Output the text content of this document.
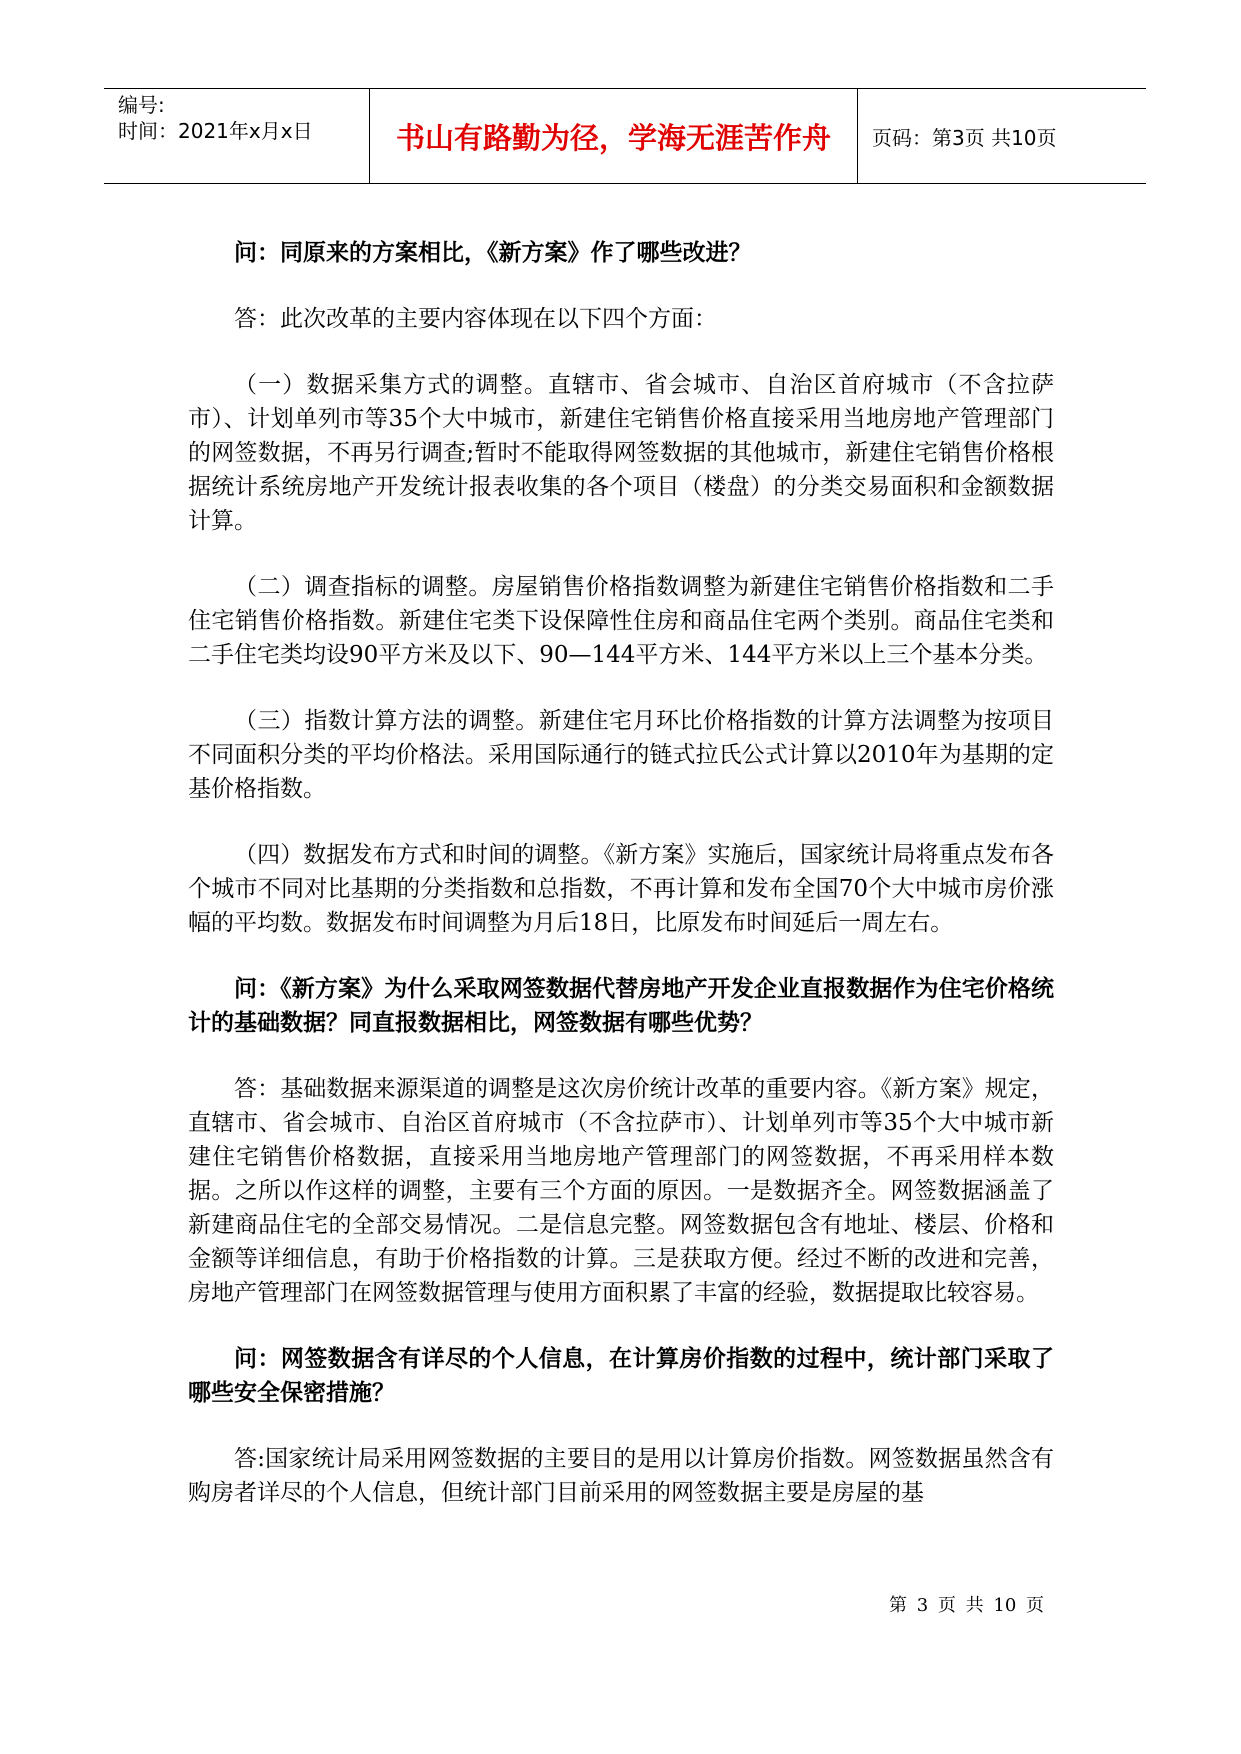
编号:
时间：2021年x月x日	书山有路勤为径，学海无涯苦作舟	页码：第3页 共10页

问：同原来的方案相比，《新方案》作了哪些改进？

答：此次改革的主要内容体现在以下四个方面：

（一）数据采集方式的调整。直辖市、省会城市、自治区首府城市（不含拉萨市）、计划单列市等35个大中城市，新建住宅销售价格直接采用当地房地产管理部门的网签数据，不再另行调查;暂时不能取得网签数据的其他城市，新建住宅销售价格根据统计系统房地产开发统计报表收集的各个项目（楼盘）的分类交易面积和金额数据计算。

（二）调查指标的调整。房屋销售价格指数调整为新建住宅销售价格指数和二手住宅销售价格指数。新建住宅类下设保障性住房和商品住宅两个类别。商品住宅类和二手住宅类均设90平方米及以下、90—144平方米、144平方米以上三个基本分类。

（三）指数计算方法的调整。新建住宅月环比价格指数的计算方法调整为按项目不同面积分类的平均价格法。采用国际通行的链式拉氏公式计算以2010年为基期的定基价格指数。

（四）数据发布方式和时间的调整。《新方案》实施后，国家统计局将重点发布各个城市不同对比基期的分类指数和总指数，不再计算和发布全国70个大中城市房价涨幅的平均数。数据发布时间调整为月后18日，比原发布时间延后一周左右。

问：《新方案》为什么采取网签数据代替房地产开发企业直报数据作为住宅价格统计的基础数据？同直报数据相比，网签数据有哪些优势？

答：基础数据来源渠道的调整是这次房价统计改革的重要内容。《新方案》规定，直辖市、省会城市、自治区首府城市（不含拉萨市）、计划单列市等35个大中城市新建住宅销售价格数据，直接采用当地房地产管理部门的网签数据，不再采用样本数据。之所以作这样的调整，主要有三个方面的原因。一是数据齐全。网签数据涵盖了新建商品住宅的全部交易情况。二是信息完整。网签数据包含有地址、楼层、价格和金额等详细信息，有助于价格指数的计算。三是获取方便。经过不断的改进和完善，房地产管理部门在网签数据管理与使用方面积累了丰富的经验，数据提取比较容易。

问：网签数据含有详尽的个人信息，在计算房价指数的过程中，统计部门采取了哪些安全保密措施？

答:国家统计局采用网签数据的主要目的是用以计算房价指数。网签数据虽然含有购房者详尽的个人信息，但统计部门目前采用的网签数据主要是房屋的基

第 3 页 共 10 页
